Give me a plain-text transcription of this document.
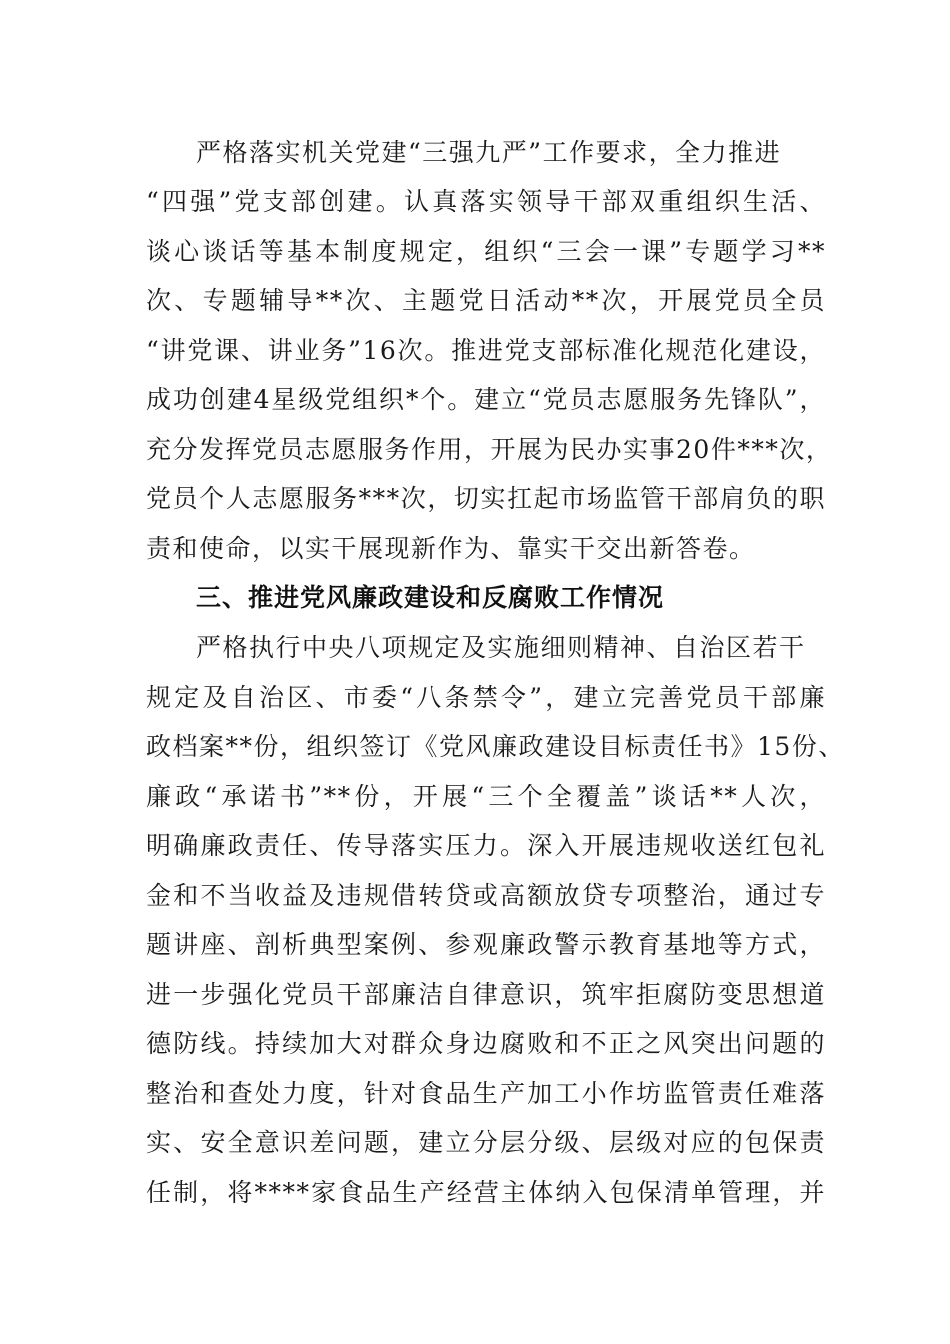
严格落实机关党建“三强九严”工作要求，全力推进
“四强”党支部创建。认真落实领导干部双重组织生活、
谈心谈话等基本制度规定，组织“三会一课”专题学习**
次、专题辅导**次、主题党日活动**次，开展党员全员
“讲党课、讲业务”16次。推进党支部标准化规范化建设，
成功创建4星级党组织*个。建立“党员志愿服务先锋队”，
充分发挥党员志愿服务作用，开展为民办实事20件***次，
党员个人志愿服务***次，切实扛起市场监管干部肩负的职
责和使命，以实干展现新作为、靠实干交出新答卷。
三、推进党风廉政建设和反腐败工作情况
严格执行中央八项规定及实施细则精神、自治区若干
规定及自治区、市委“八条禁令”，建立完善党员干部廉
政档案**份，组织签订《党风廉政建设目标责任书》15份、
廉政“承诺书”**份，开展“三个全覆盖”谈话**人次，
明确廉政责任、传导落实压力。深入开展违规收送红包礼
金和不当收益及违规借转贷或高额放贷专项整治，通过专
题讲座、剖析典型案例、参观廉政警示教育基地等方式，
进一步强化党员干部廉洁自律意识，筑牢拒腐防变思想道
德防线。持续加大对群众身边腐败和不正之风突出问题的
整治和查处力度，针对食品生产加工小作坊监管责任难落
实、安全意识差问题，建立分层分级、层级对应的包保责
任制，将****家食品生产经营主体纳入包保清单管理，并
